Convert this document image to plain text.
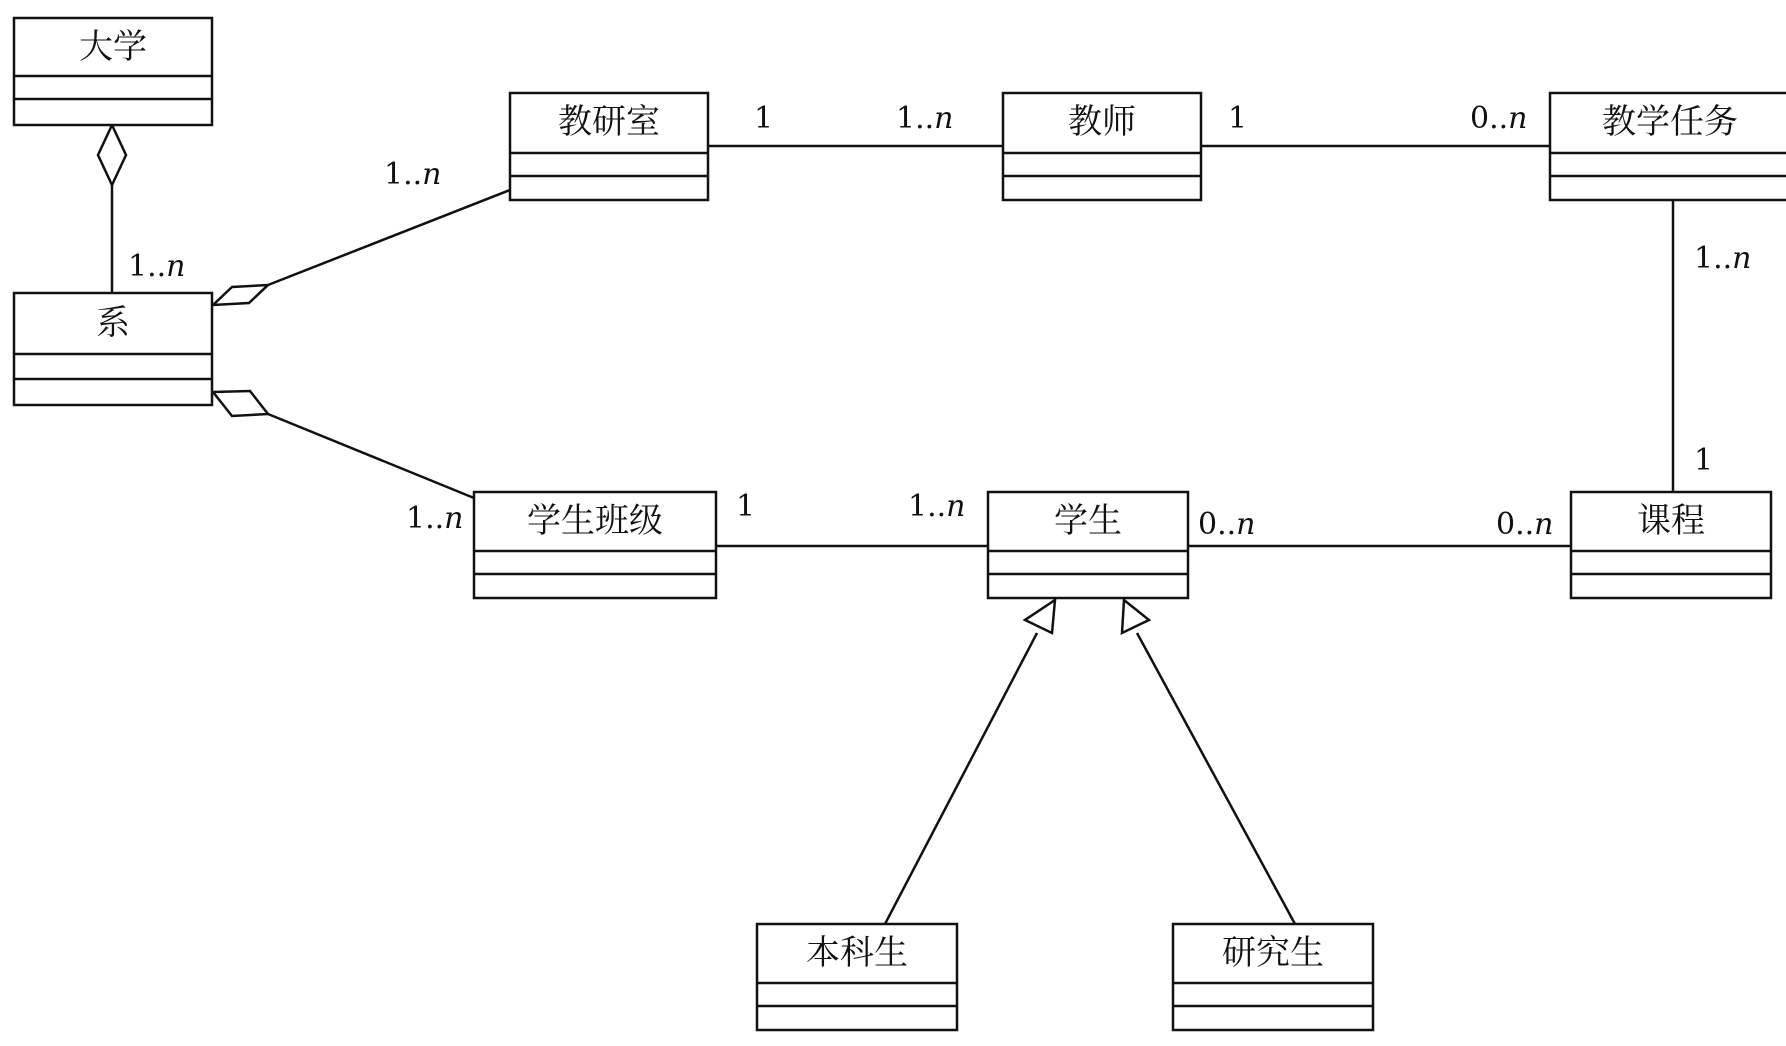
大学
系
教研室	教师	教学任务
学生班级	学生	课程
本科生	研究生
1..n
1..n
1..n
1	1..n	1	0..n
1..n
1
1	1..n
0..n	0..n
